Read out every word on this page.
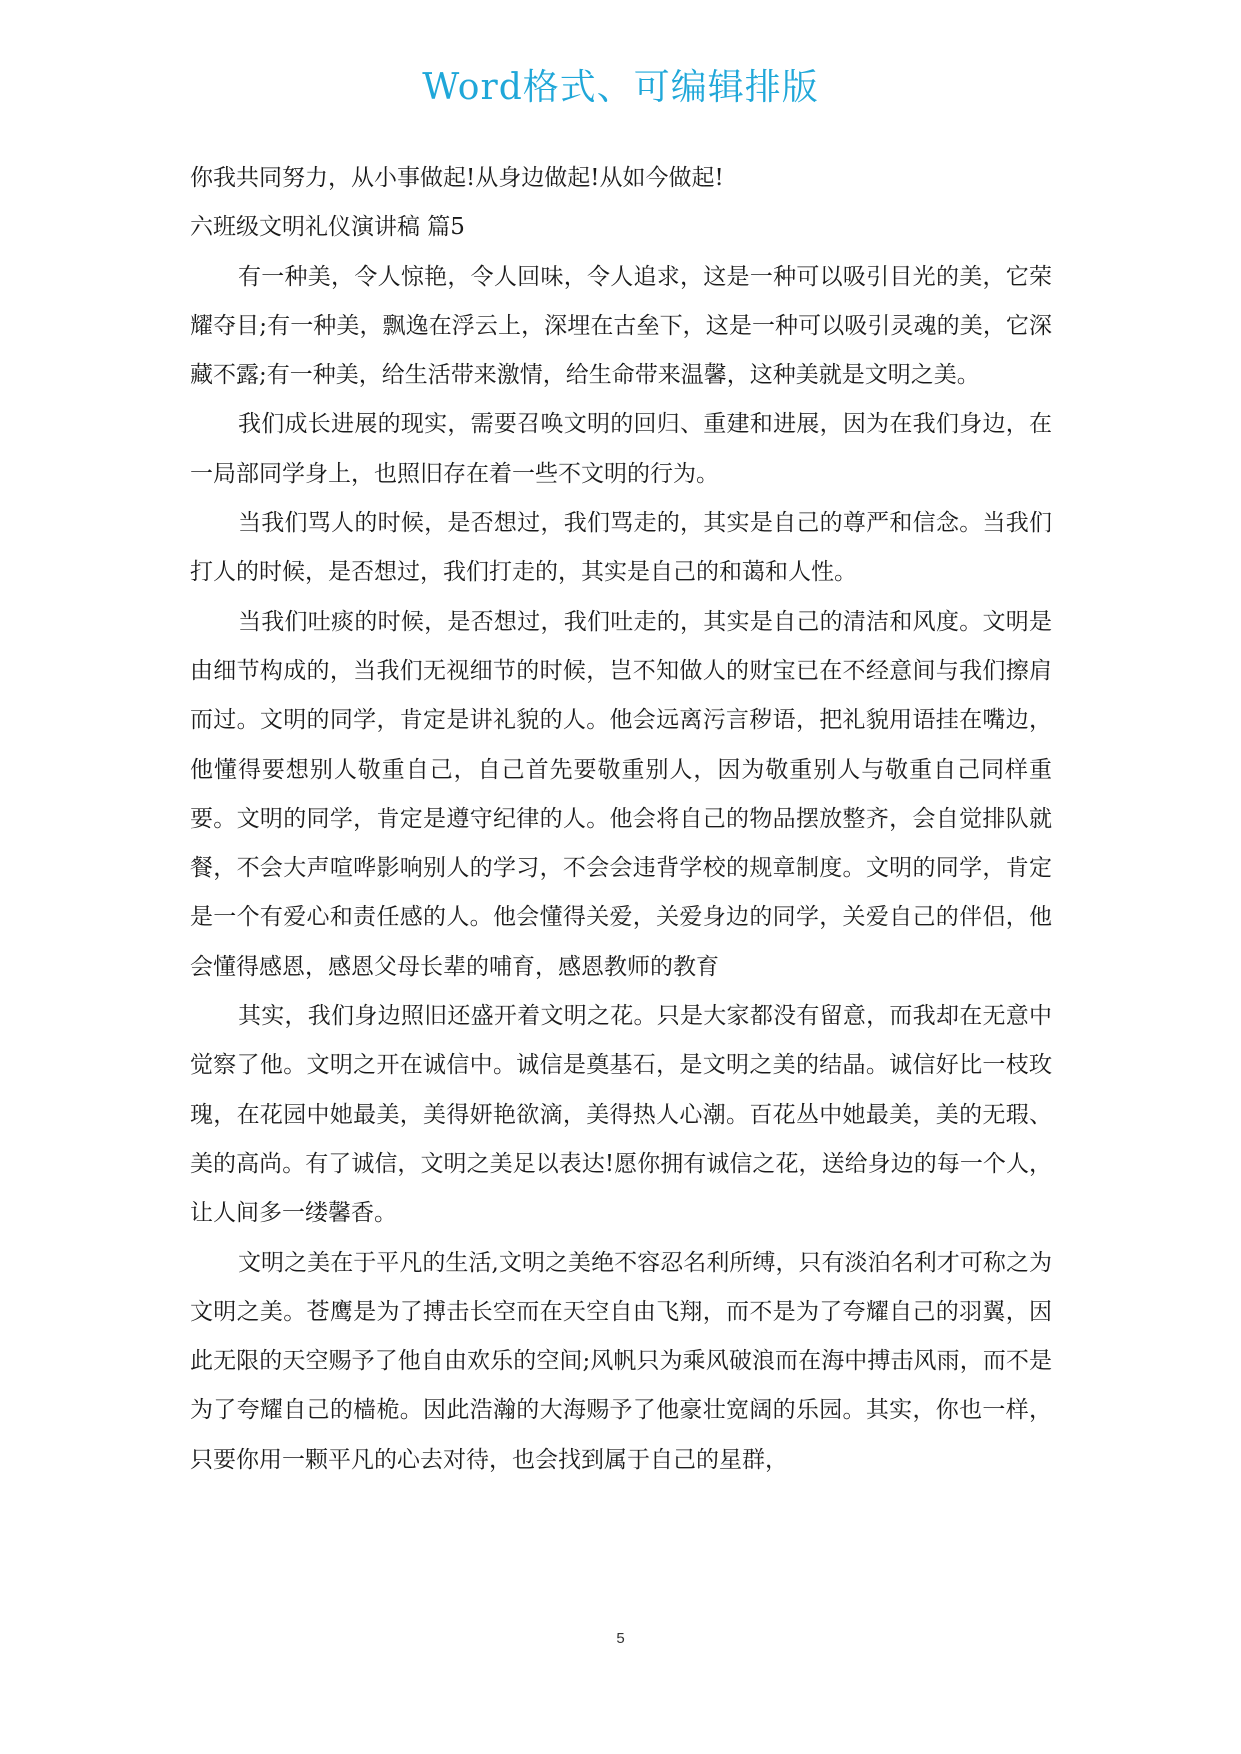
Word格式、可编辑排版

你我共同努力，从小事做起!从身边做起!从如今做起!

六班级文明礼仪演讲稿 篇5

有一种美，令人惊艳，令人回味，令人追求，这是一种可以吸引目光的美，它荣耀夺目;有一种美，飘逸在浮云上，深埋在古垒下，这是一种可以吸引灵魂的美，它深藏不露;有一种美，给生活带来激情，给生命带来温馨，这种美就是文明之美。

我们成长进展的现实，需要召唤文明的回归、重建和进展，因为在我们身边，在一局部同学身上，也照旧存在着一些不文明的行为。

当我们骂人的时候，是否想过，我们骂走的，其实是自己的尊严和信念。当我们打人的时候，是否想过，我们打走的，其实是自己的和蔼和人性。

当我们吐痰的时候，是否想过，我们吐走的，其实是自己的清洁和风度。文明是由细节构成的，当我们无视细节的时候，岂不知做人的财宝已在不经意间与我们擦肩而过。文明的同学，肯定是讲礼貌的人。他会远离污言秽语，把礼貌用语挂在嘴边，他懂得要想别人敬重自己，自己首先要敬重别人，因为敬重别人与敬重自己同样重要。文明的同学，肯定是遵守纪律的人。他会将自己的物品摆放整齐，会自觉排队就餐，不会大声喧哗影响别人的学习，不会会违背学校的规章制度。文明的同学，肯定是一个有爱心和责任感的人。他会懂得关爱，关爱身边的同学，关爱自己的伴侣，他会懂得感恩，感恩父母长辈的哺育，感恩教师的教育

其实，我们身边照旧还盛开着文明之花。只是大家都没有留意，而我却在无意中觉察了他。文明之开在诚信中。诚信是奠基石，是文明之美的结晶。诚信好比一枝玫瑰，在花园中她最美，美得妍艳欲滴，美得热人心潮。百花丛中她最美，美的无瑕、美的高尚。有了诚信，文明之美足以表达!愿你拥有诚信之花，送给身边的每一个人，让人间多一缕馨香。

文明之美在于平凡的生活,文明之美绝不容忍名利所缚，只有淡泊名利才可称之为文明之美。苍鹰是为了搏击长空而在天空自由飞翔，而不是为了夸耀自己的羽翼，因此无限的天空赐予了他自由欢乐的空间;风帆只为乘风破浪而在海中搏击风雨，而不是为了夸耀自己的樯桅。因此浩瀚的大海赐予了他豪壮宽阔的乐园。其实，你也一样，只要你用一颗平凡的心去对待，也会找到属于自己的星群，

5
